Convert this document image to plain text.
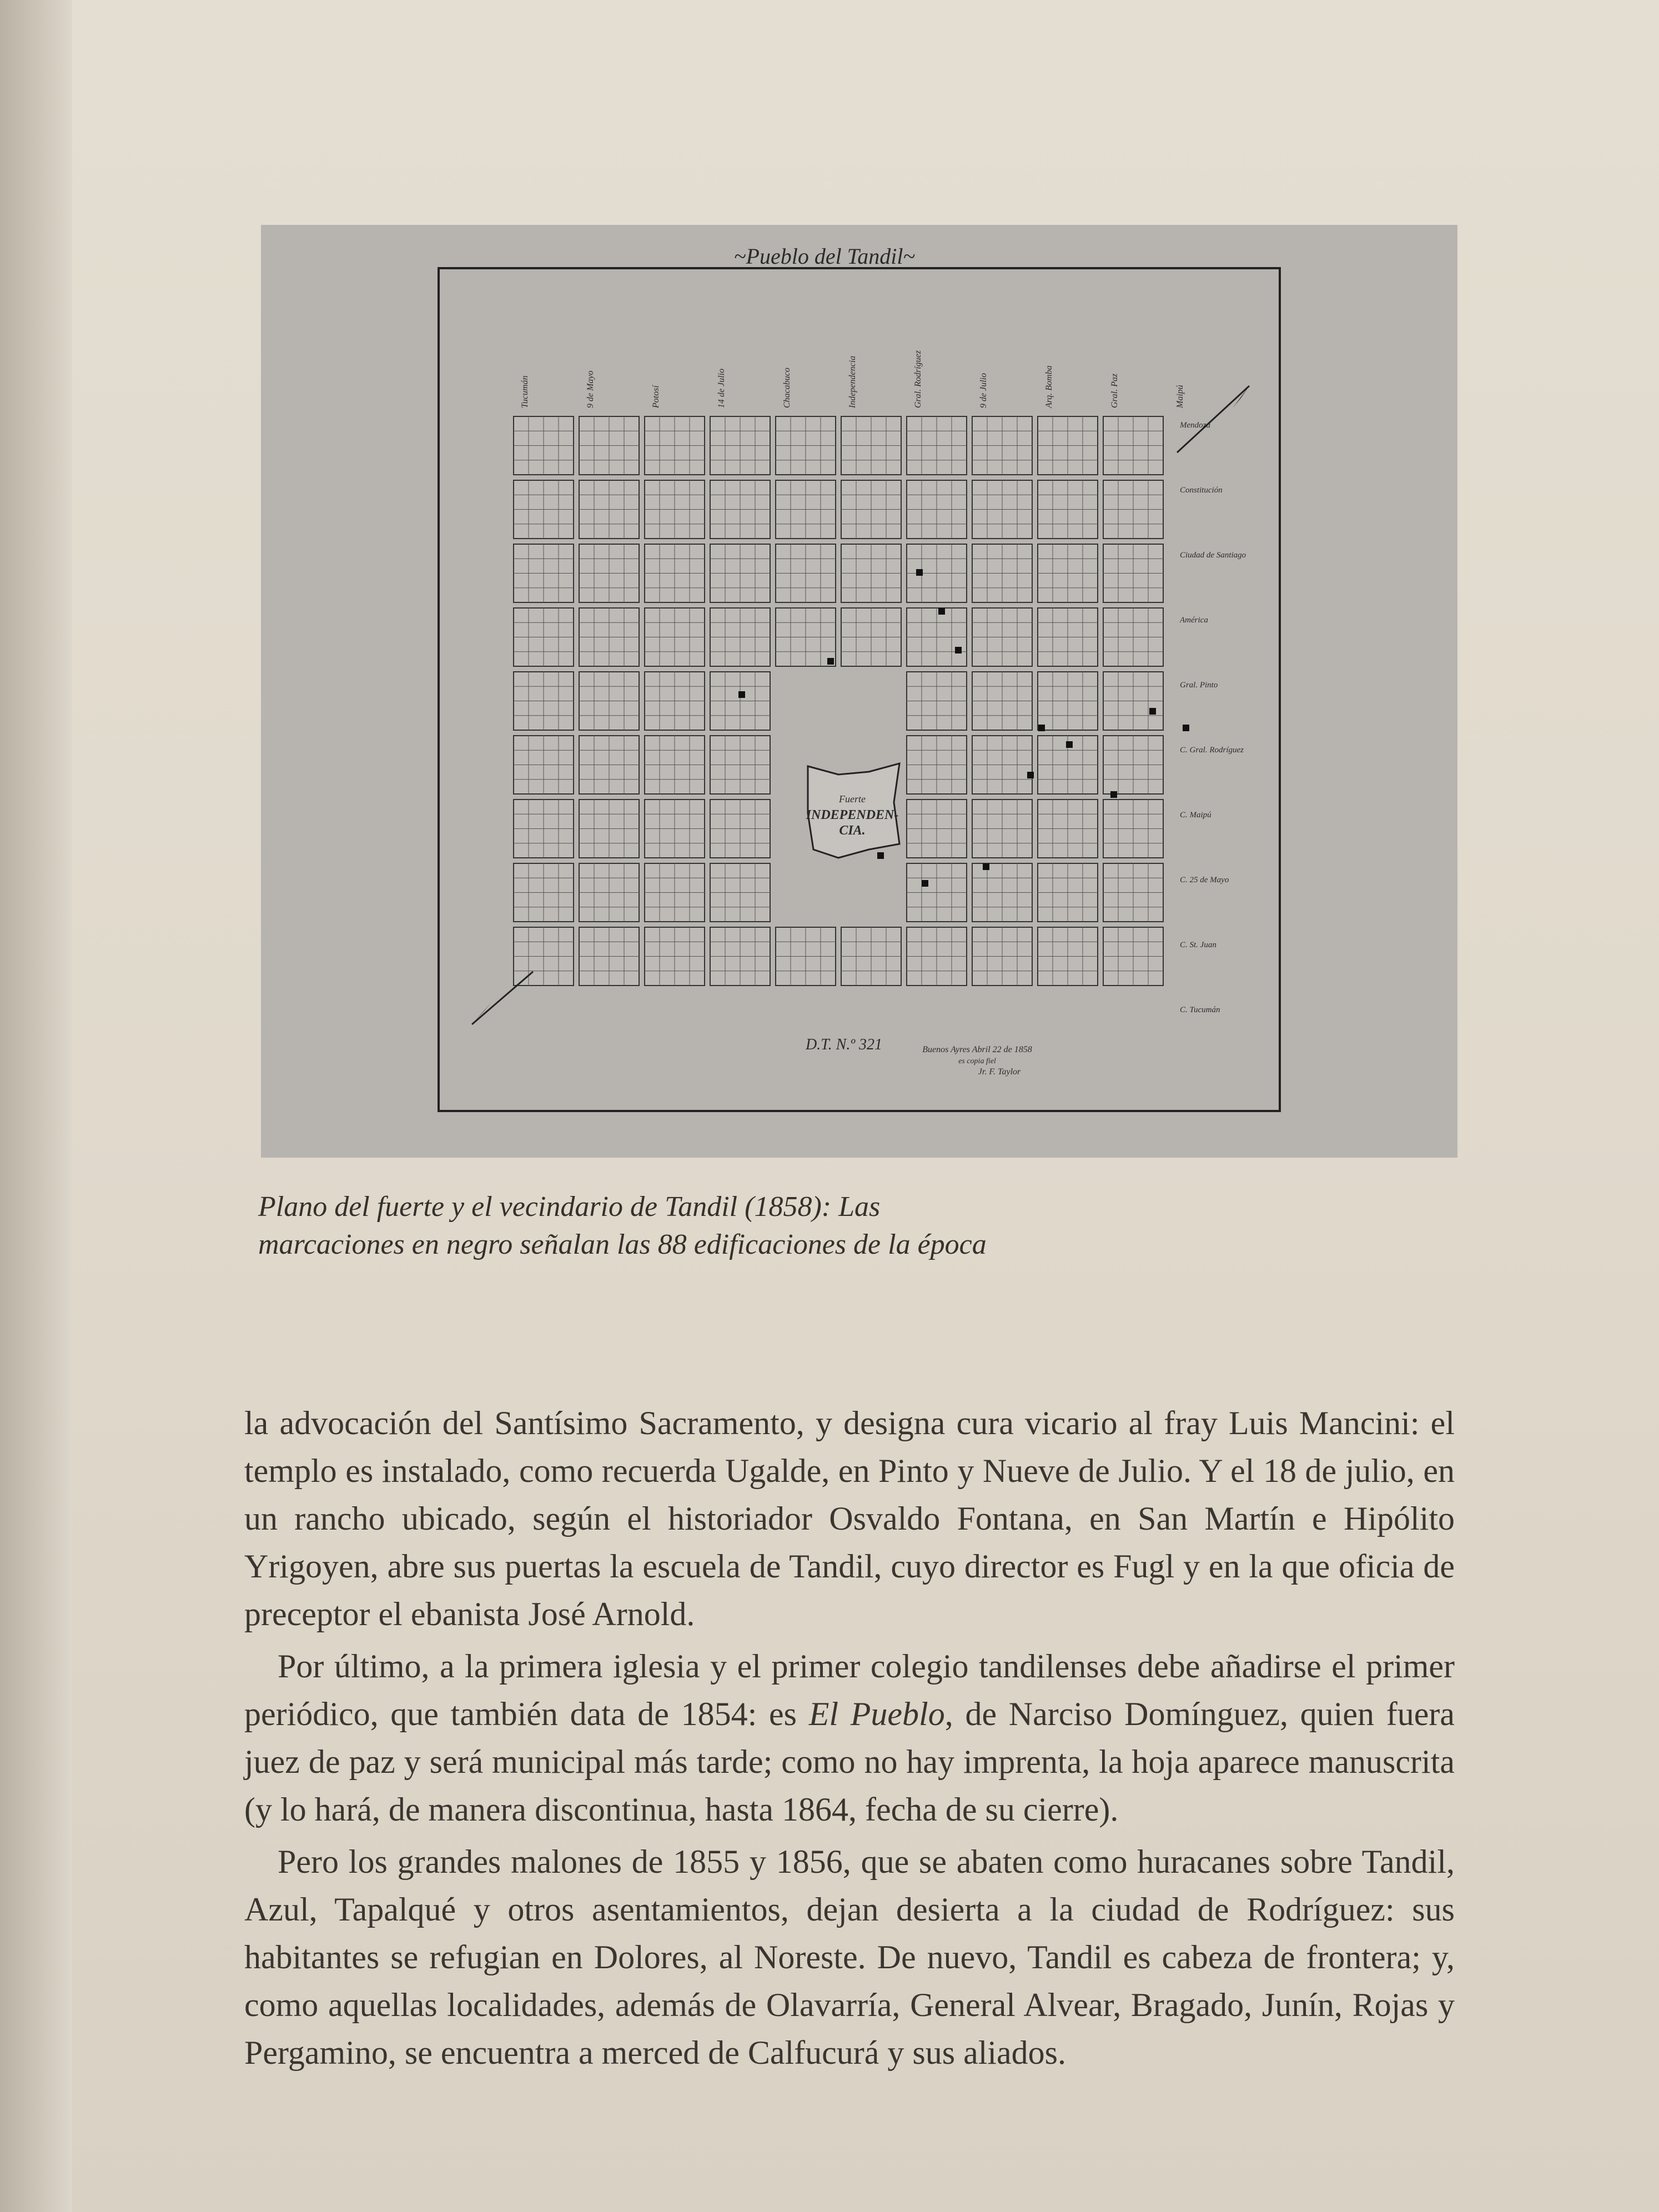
~Pueblo del Tandil~
Tucumán	9 de Mayo	Potosí	14 de Julio	Chacabuco	Independencia	Gral. Rodríguez	9 de Julio	Arq. Bomba	Gral. Paz	Maipú
Mendoza
Constitución
Ciudad de Santiago
América
Gral. Pinto
C. Gral. Rodríguez
C. Maipú
C. 25 de Mayo
C. St. Juan
C. Tucumán
Fuerte
INDEPENDEN-
CIA.
D.T. N.º 321	Buenos Ayres Abril 22 de 1858
es copia fiel
Jr. F. Taylor
Plano del fuerte y el vecindario de Tandil (1858): Las
marcaciones en negro señalan las 88 edificaciones de la época

la advocación del Santísimo Sacramento, y designa cura vicario al fray Luis Mancini: el templo es instalado, como recuerda Ugalde, en Pinto y Nueve de Julio. Y el 18 de julio, en un rancho ubicado, según el historiador Osvaldo Fontana, en San Martín e Hipólito Yrigoyen, abre sus puertas la escuela de Tandil, cuyo director es Fugl y en la que oficia de preceptor el ebanista José Arnold.

Por último, a la primera iglesia y el primer colegio tandilenses debe añadirse el primer periódico, que también data de 1854: es El Pueblo, de Narciso Domínguez, quien fuera juez de paz y será municipal más tarde; como no hay imprenta, la hoja aparece manuscrita (y lo hará, de manera discontinua, hasta 1864, fecha de su cierre).

Pero los grandes malones de 1855 y 1856, que se abaten como huracanes sobre Tandil, Azul, Tapalqué y otros asentamientos, dejan desierta a la ciudad de Rodríguez: sus habitantes se refugian en Dolores, al Noreste. De nuevo, Tandil es cabeza de frontera; y, como aquellas localidades, además de Olavarría, General Alvear, Bragado, Junín, Rojas y Pergamino, se encuentra a merced de Calfucurá y sus aliados.
